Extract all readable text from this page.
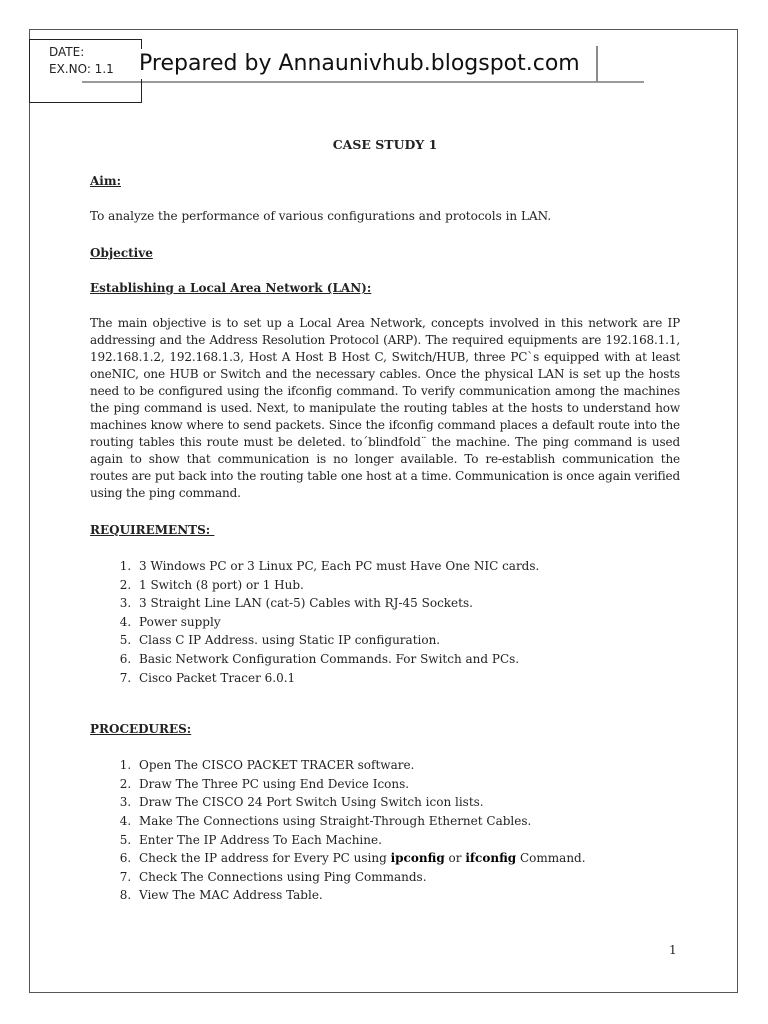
DATE:
EX.NO: 1.1	Prepared by Annaunivhub.blogspot.com
CASE STUDY 1
Aim:
To analyze the performance of various configurations and protocols in LAN.
Objective
Establishing a Local Area Network (LAN):
The main objective is to set up a Local Area Network, concepts involved in this network are IP addressing and the Address Resolution Protocol (ARP). The required equipments are 192.168.1.1, 192.168.1.2, 192.168.1.3, Host A Host B Host C, Switch/HUB, three PC`s equipped with at least oneNIC, one HUB or Switch and the necessary cables. Once the physical LAN is set up the hosts need to be configured using the ifconfig command. To verify communication among the machines the ping command is used. Next, to manipulate the routing tables at the hosts to understand how machines know where to send packets. Since the ifconfig command places a default route into the routing tables this route must be deleted. to´blindfold¨ the machine. The ping command is used again to show that communication is no longer available. To re-establish communication the routes are put back into the routing table one host at a time. Communication is once again verified using the ping command.
REQUIREMENTS:
1. 3 Windows PC or 3 Linux PC, Each PC must Have One NIC cards.
2. 1 Switch (8 port) or 1 Hub.
3. 3 Straight Line LAN (cat-5) Cables with RJ-45 Sockets.
4. Power supply
5. Class C IP Address. using Static IP configuration.
6. Basic Network Configuration Commands. For Switch and PCs.
7. Cisco Packet Tracer 6.0.1
PROCEDURES:
1. Open The CISCO PACKET TRACER software.
2. Draw The Three PC using End Device Icons.
3. Draw The CISCO 24 Port Switch Using Switch icon lists.
4. Make The Connections using Straight-Through Ethernet Cables.
5. Enter The IP Address To Each Machine.
6. Check the IP address for Every PC using ipconfig or ifconfig Command.
7. Check The Connections using Ping Commands.
8. View The MAC Address Table.
1
